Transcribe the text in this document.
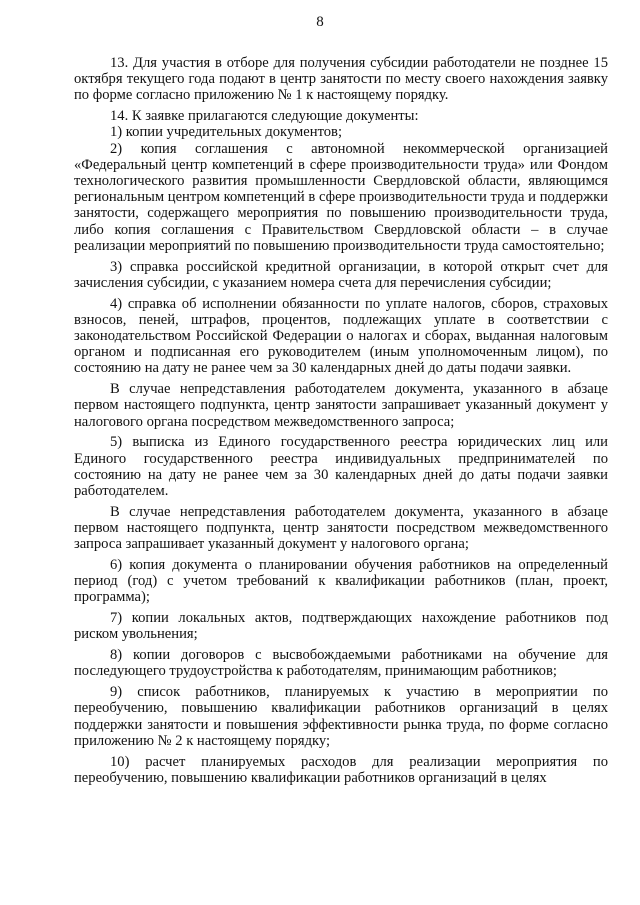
8

13. Для участия в отборе для получения субсидии работодатели не позднее 15 октября текущего года подают в центр занятости по месту своего нахождения заявку по форме согласно приложению № 1 к настоящему порядку.

14. К заявке прилагаются следующие документы:

1) копии учредительных документов;

2) копия соглашения с автономной некоммерческой организацией «Федеральный центр компетенций в сфере производительности труда» или Фондом технологического развития промышленности Свердловской области, являющимся региональным центром компетенций в сфере производительности труда и поддержки занятости, содержащего мероприятия по повышению производительности труда, либо копия соглашения с Правительством Свердловской области – в случае реализации мероприятий по повышению производительности труда самостоятельно;

3) справка российской кредитной организации, в которой открыт счет для зачисления субсидии, с указанием номера счета для перечисления субсидии;

4) справка об исполнении обязанности по уплате налогов, сборов, страховых взносов, пеней, штрафов, процентов, подлежащих уплате в соответствии с законодательством Российской Федерации о налогах и сборах, выданная налоговым органом и подписанная его руководителем (иным уполномоченным лицом), по состоянию на дату не ранее чем за 30 календарных дней до даты подачи заявки.

В случае непредставления работодателем документа, указанного в абзаце первом настоящего подпункта, центр занятости запрашивает указанный документ у налогового органа посредством межведомственного запроса;

5) выписка из Единого государственного реестра юридических лиц или Единого государственного реестра индивидуальных предпринимателей по состоянию на дату не ранее чем за 30 календарных дней до даты подачи заявки работодателем.

В случае непредставления работодателем документа, указанного в абзаце первом настоящего подпункта, центр занятости посредством межведомственного запроса запрашивает указанный документ у налогового органа;

6) копия документа о планировании обучения работников на определенный период (год) с учетом требований к квалификации работников (план, проект, программа);

7) копии локальных актов, подтверждающих нахождение работников под риском увольнения;

8) копии договоров с высвобождаемыми работниками на обучение для последующего трудоустройства к работодателям, принимающим работников;

9) список работников, планируемых к участию в мероприятии по переобучению, повышению квалификации работников организаций в целях поддержки занятости и повышения эффективности рынка труда, по форме согласно приложению № 2 к настоящему порядку;

10) расчет планируемых расходов для реализации мероприятия по переобучению, повышению квалификации работников организаций в целях
